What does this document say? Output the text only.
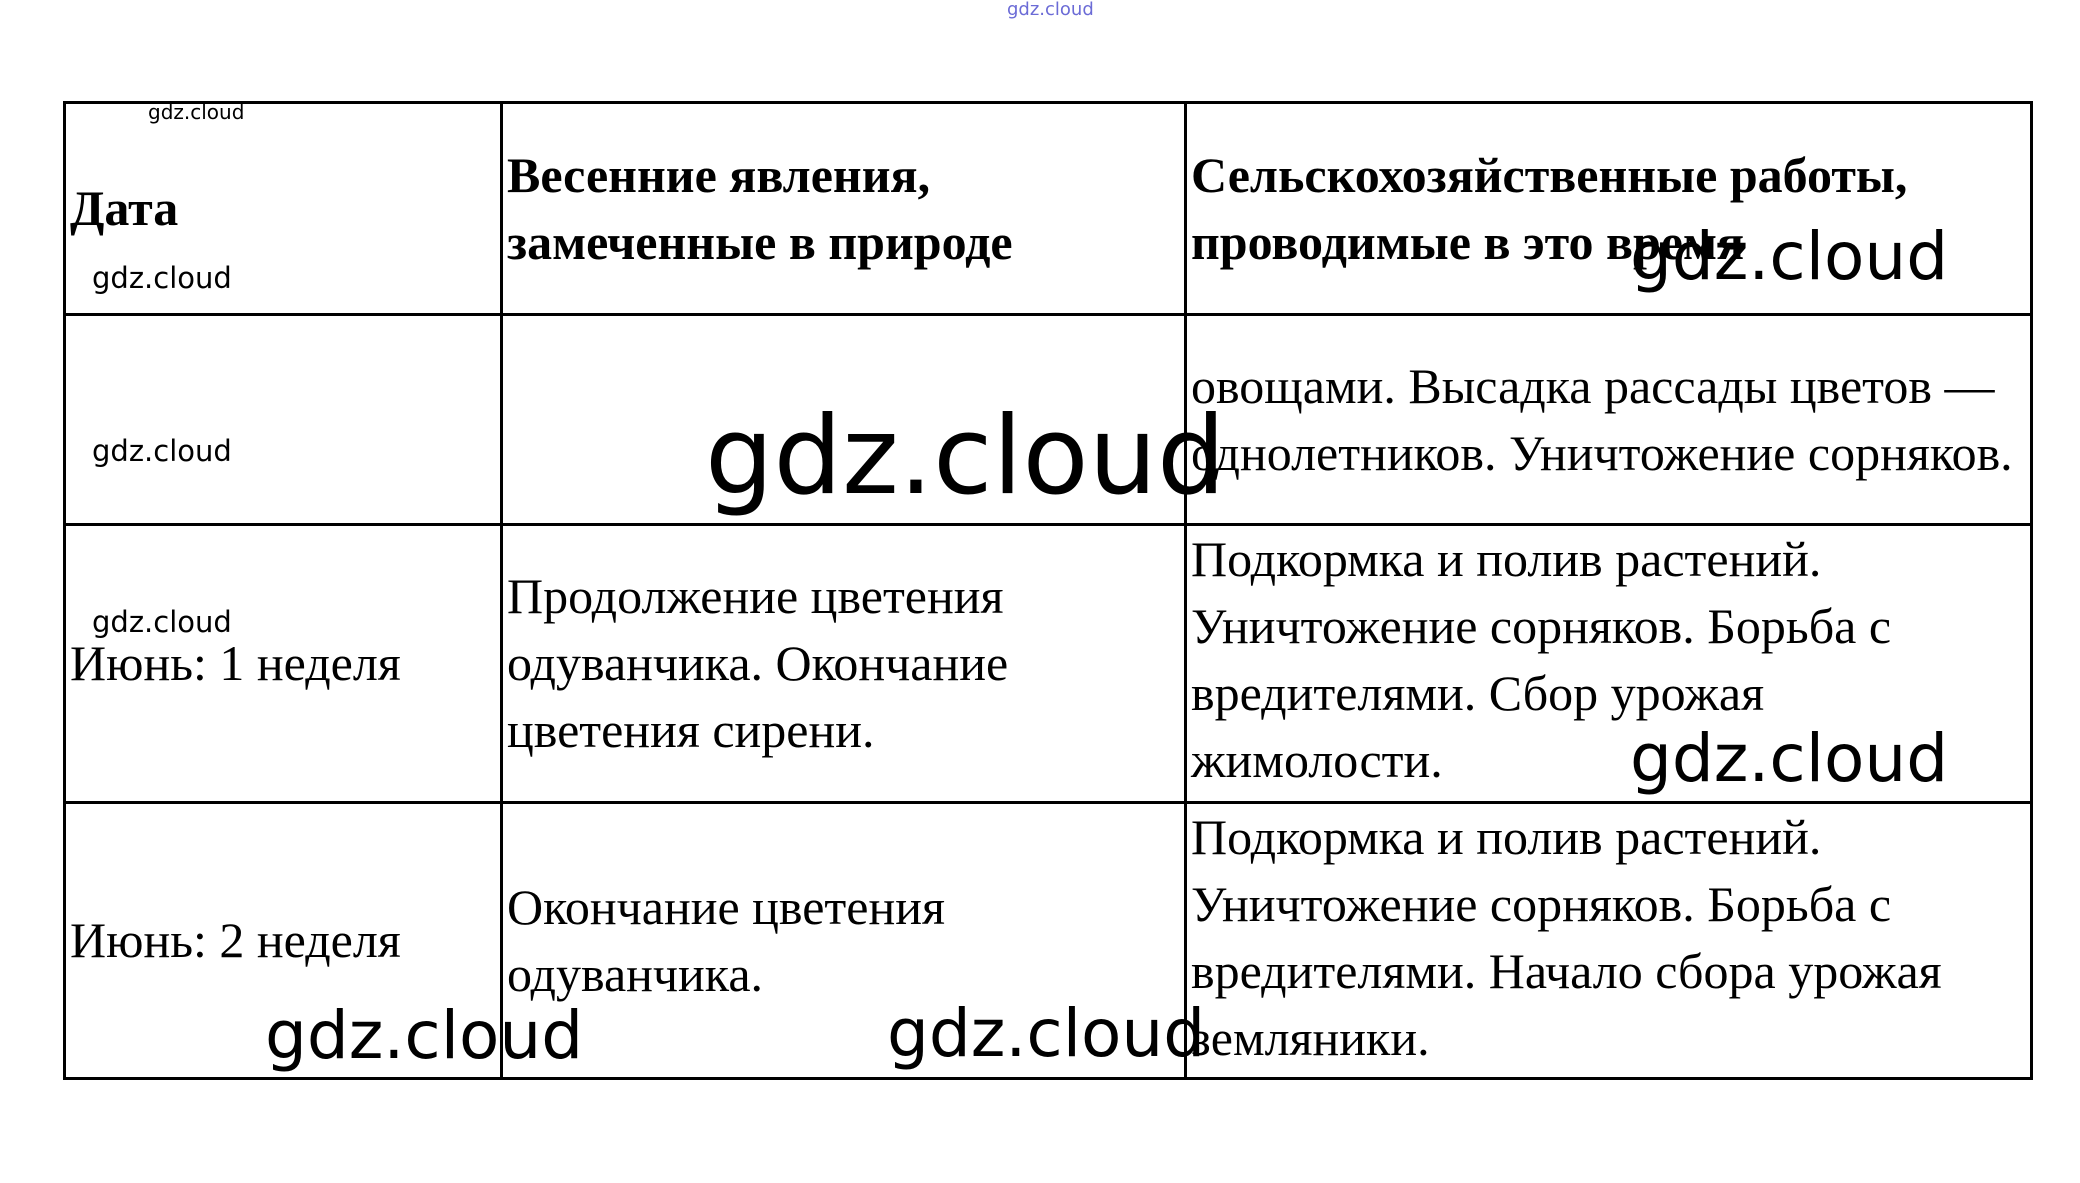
Дата	Весенние явления, замеченные в природе	Сельскохозяйственные работы, проводимые в это время
		овощами. Высадка рассады цветов — однолетников. Уничтожение сорняков.
Июнь: 1 неделя	Продолжение цветения одуванчика. Окончание цветения сирени.	Подкормка и полив растений. Уничтожение сорняков. Борьба с вредителями. Сбор урожая жимолости.
Июнь: 2 неделя	Окончание цветения одуванчика.	Подкормка и полив растений. Уничтожение сорняков. Борьба с вредителями. Начало сбора урожая земляники.
gdz.cloud
gdz.cloud
gdz.cloud	gdz.cloud
gdz.cloud	gdz.cloud
gdz.cloud
gdz.cloud
gdz.cloud	gdz.cloud
